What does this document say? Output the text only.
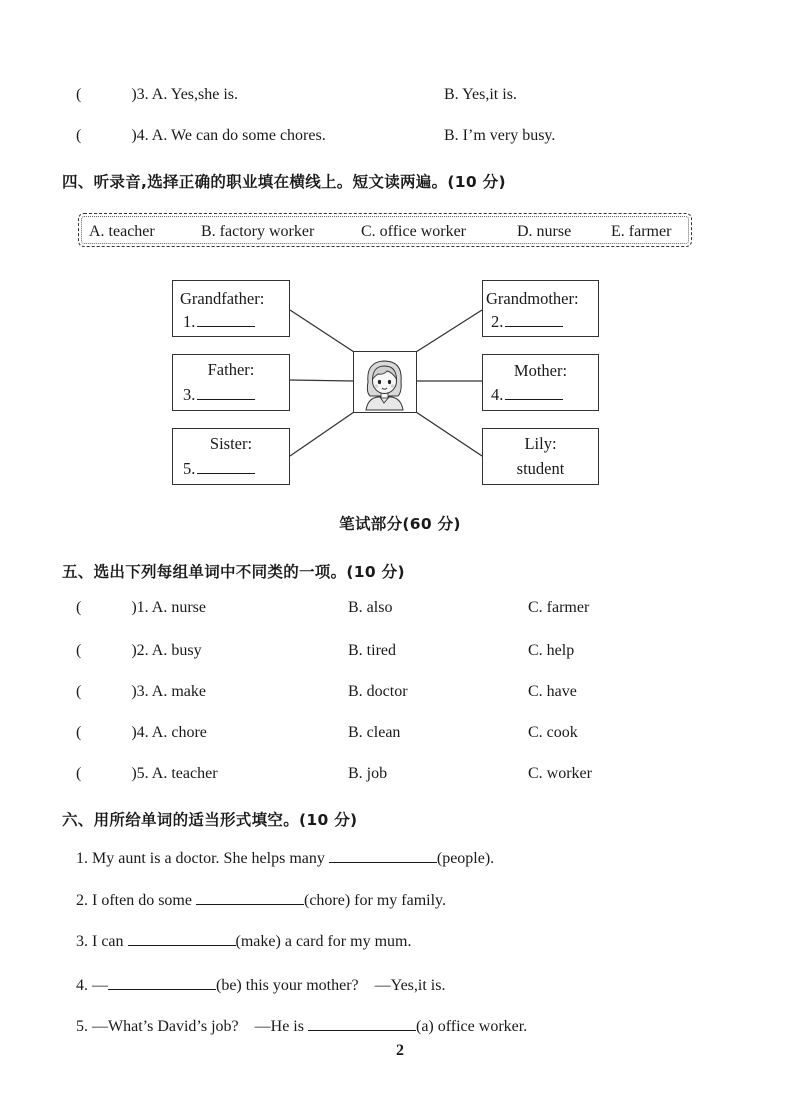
(	)3. A. Yes,she is.	B. Yes,it is.
(	)4. A. We can do some chores.	B. I’m very busy.
四、听录音,选择正确的职业填在横线上。短文读两遍。(10 分)
A. teacher	B. factory worker	C. office worker	D. nurse E. farmer
Grandfather:
1.
Father:
3.
Sister:
5.
Grandmother:
2.
Mother:
4.
Lily:
student
笔试部分(60 分)
五、选出下列每组单词中不同类的一项。(10 分)
(	)1. A. nurse	B. also	C. farmer
(	)2. A. busy	B. tired	C. help
(	)3. A. make	B. doctor	C. have
(	)4. A. chore	B. clean	C. cook
(	)5. A. teacher	B. job	C. worker
六、用所给单词的适当形式填空。(10 分)
1. My aunt is a doctor. She helps many	(people).
2. I often do some	(chore) for my family.
3. I can	(make) a card for my mum.
4. —	(be) this your mother?　—Yes,it is.
5. —What’s David’s job?　—He is	(a) office worker.
2
